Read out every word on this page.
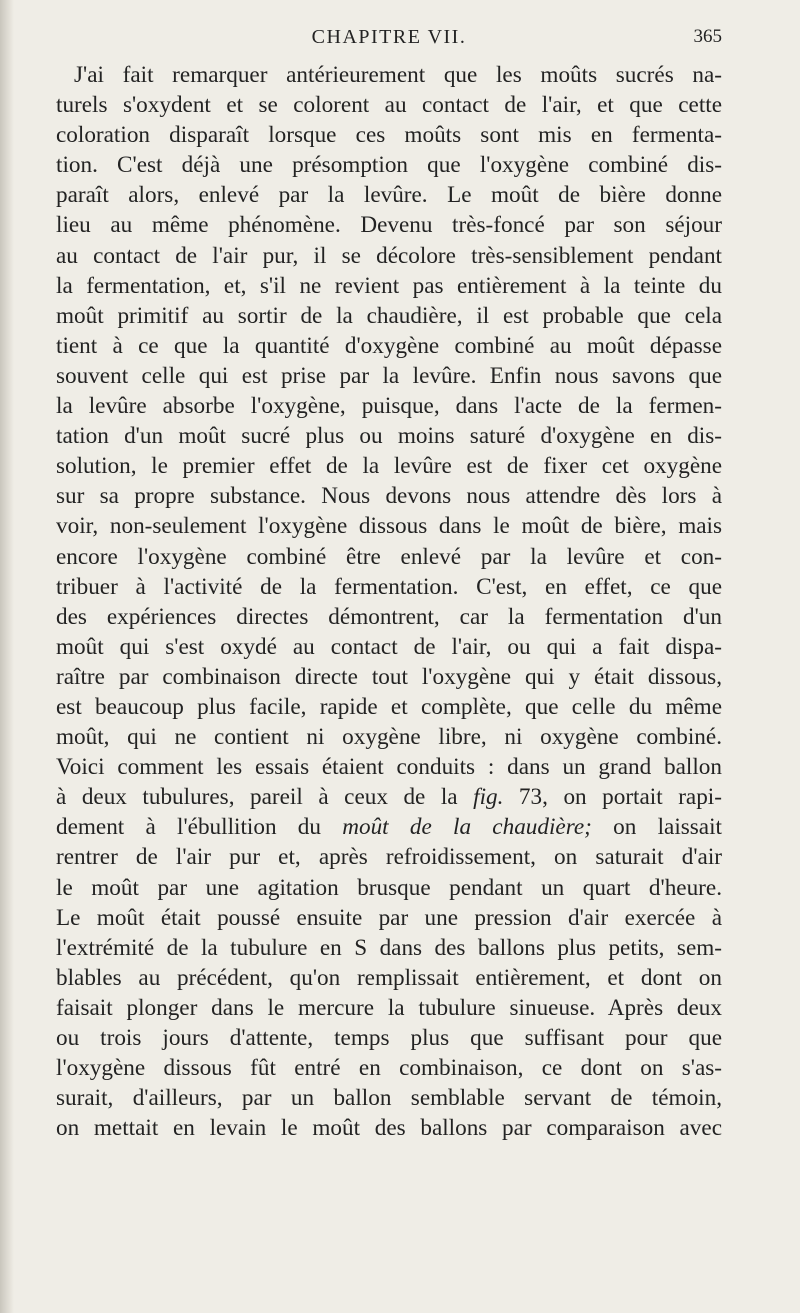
CHAPITRE VII.	365
J'ai fait remarquer antérieurement que les moûts sucrés na-
turels s'oxydent et se colorent au contact de l'air, et que cette
coloration disparaît lorsque ces moûts sont mis en fermenta-
tion. C'est déjà une présomption que l'oxygène combiné dis-
paraît alors, enlevé par la levûre. Le moût de bière donne
lieu au même phénomène. Devenu très-foncé par son séjour
au contact de l'air pur, il se décolore très-sensiblement pendant
la fermentation, et, s'il ne revient pas entièrement à la teinte du
moût primitif au sortir de la chaudière, il est probable que cela
tient à ce que la quantité d'oxygène combiné au moût dépasse
souvent celle qui est prise par la levûre. Enfin nous savons que
la levûre absorbe l'oxygène, puisque, dans l'acte de la fermen-
tation d'un moût sucré plus ou moins saturé d'oxygène en dis-
solution, le premier effet de la levûre est de fixer cet oxygène
sur sa propre substance. Nous devons nous attendre dès lors à
voir, non-seulement l'oxygène dissous dans le moût de bière, mais
encore l'oxygène combiné être enlevé par la levûre et con-
tribuer à l'activité de la fermentation. C'est, en effet, ce que
des expériences directes démontrent, car la fermentation d'un
moût qui s'est oxydé au contact de l'air, ou qui a fait dispa-
raître par combinaison directe tout l'oxygène qui y était dissous,
est beaucoup plus facile, rapide et complète, que celle du même
moût, qui ne contient ni oxygène libre, ni oxygène combiné.
Voici comment les essais étaient conduits : dans un grand ballon
à deux tubulures, pareil à ceux de la fig. 73, on portait rapi-
dement à l'ébullition du moût de la chaudière; on laissait
rentrer de l'air pur et, après refroidissement, on saturait d'air
le moût par une agitation brusque pendant un quart d'heure.
Le moût était poussé ensuite par une pression d'air exercée à
l'extrémité de la tubulure en S dans des ballons plus petits, sem-
blables au précédent, qu'on remplissait entièrement, et dont on
faisait plonger dans le mercure la tubulure sinueuse. Après deux
ou trois jours d'attente, temps plus que suffisant pour que
l'oxygène dissous fût entré en combinaison, ce dont on s'as-
surait, d'ailleurs, par un ballon semblable servant de témoin,
on mettait en levain le moût des ballons par comparaison avec
